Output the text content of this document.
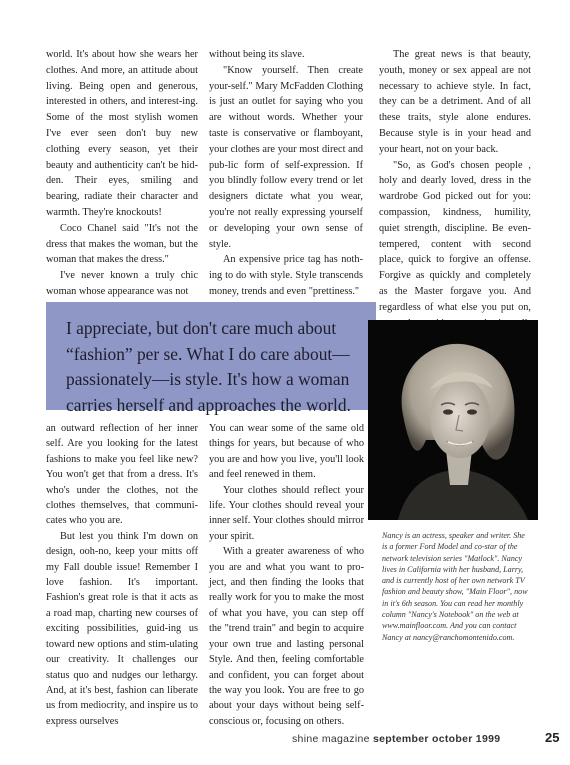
world. It's about how she wears her clothes. And more, an attitude about living. Being open and generous, interested in others, and interest-ing. Some of the most stylish women I've ever seen don't buy new clothing every season, yet their beauty and authenticity can't be hid-den. Their eyes, smiling and bearing, radiate their character and warmth. They're knockouts!

Coco Chanel said "It's not the dress that makes the woman, but the woman that makes the dress."

I've never known a truly chic woman whose appearance was not

without being its slave.

"Know yourself. Then create your-self." Mary McFadden Clothing is just an outlet for saying who you are without words. Whether your taste is conservative or flamboyant, your clothes are your most direct and pub-lic form of self-expression. If you blindly follow every trend or let designers dictate what you wear, you're not really expressing yourself or developing your own sense of style.

An expensive price tag has noth-ing to do with style. Style transcends money, trends and even "prettiness."

The great news is that beauty, youth, money or sex appeal are not necessary to achieve style. In fact, they can be a detriment. And of all these traits, style alone endures. Because style is in your head and your heart, not on your back.

"So, as God's chosen people , holy and dearly loved, dress in the wardrobe God picked out for you: compassion, kindness, humility, quiet strength, discipline. Be even-tempered, content with second place, quick to forgive an offense. Forgive as quickly and completely as the Master forgave you. And regardless of what else you put on,

I appreciate, but don't care much about “fashion” per se. What I do care about—passionately—is style. It's how a woman carries herself and approaches the world.

Nancy is an actress, speaker and writer. She is a former Ford Model and co-star of the network television series "Matlock". Nancy lives in California with her husband, Larry, and is currently host of her own network TV fashion and beauty show, "Main Floor", now in it's 6th season. You can read her monthly column "Nancy's Notebook" on the web at www.mainfloor.com. And you can contact Nancy at nancy@ranchomontenido.com.

an outward reflection of her inner self. Are you looking for the latest fashions to make you feel like new? You won't get that from a dress. It's who's under the clothes, not the clothes themselves, that communi-cates who you are.

But lest you think I'm down on design, ooh-no, keep your mitts off my Fall double issue! Remember I love fashion. It's important. Fashion's great role is that it acts as a road map, charting new courses of exciting possibilities, guid-ing us toward new options and stim-ulating our creativity. It challenges our status quo and nudges our lethargy. And, at it's best, fashion can liberate us from mediocrity, and inspire us to express ourselves

You can wear some of the same old things for years, but because of who you are and how you live, you'll look and feel renewed in them.

Your clothes should reflect your life. Your clothes should reveal your inner self. Your clothes should mirror your spirit.

With a greater awareness of who you are and what you want to pro-ject, and then finding the looks that really work for you to make the most of what you have, you can step off the "trend train" and begin to acquire your own true and lasting personal Style. And then, feeling comfortable and confident, you can forget about the way you look. You are free to go about your days without being self-conscious or, focusing on others.

shine magazine september october 1999	25
